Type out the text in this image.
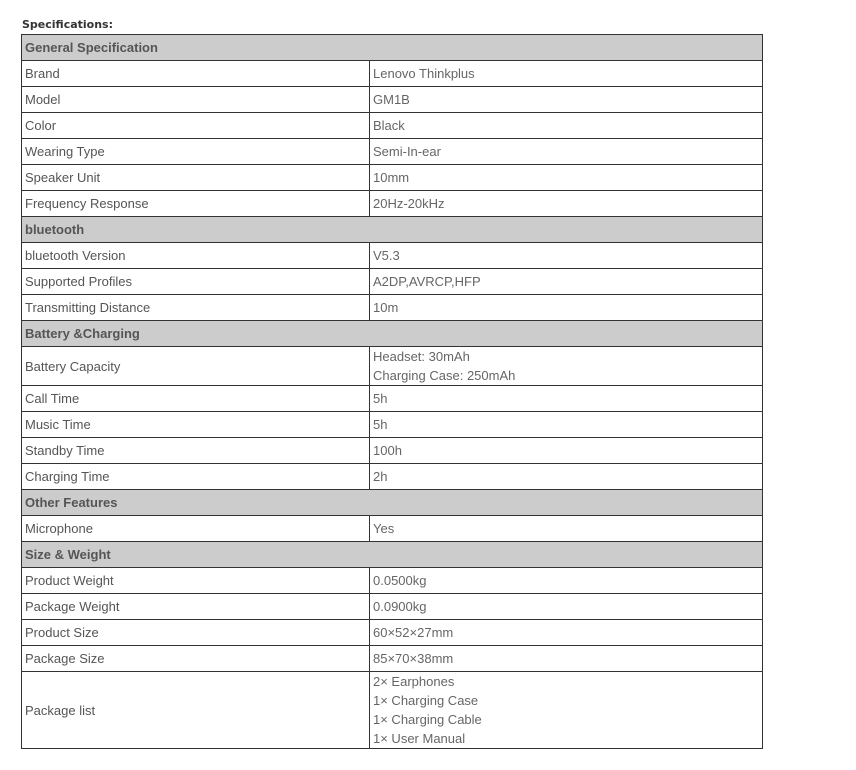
Specifications:
General Specification	
Brand	Lenovo Thinkplus

Model	GM1B

Color	Black

Wearing Type	Semi-In-ear

Speaker Unit	10mm

Frequency Response	20Hz-20kHz

bluetooth	
bluetooth Version	V5.3

Supported Profiles	A2DP,AVRCP,HFP

Transmitting Distance	10m

Battery &Charging	
Battery Capacity	Headset: 30mAh
Charging Case: 250mAh

Call Time	5h

Music Time	5h

Standby Time	100h

Charging Time	2h

Other Features	
Microphone	Yes

Size & Weight	
Product Weight	0.0500kg

Package Weight	0.0900kg

Product Size	60×52×27mm

Package Size	85×70×38mm

Package list	2× Earphones
1× Charging Case
1× Charging Cable
1× User Manual
